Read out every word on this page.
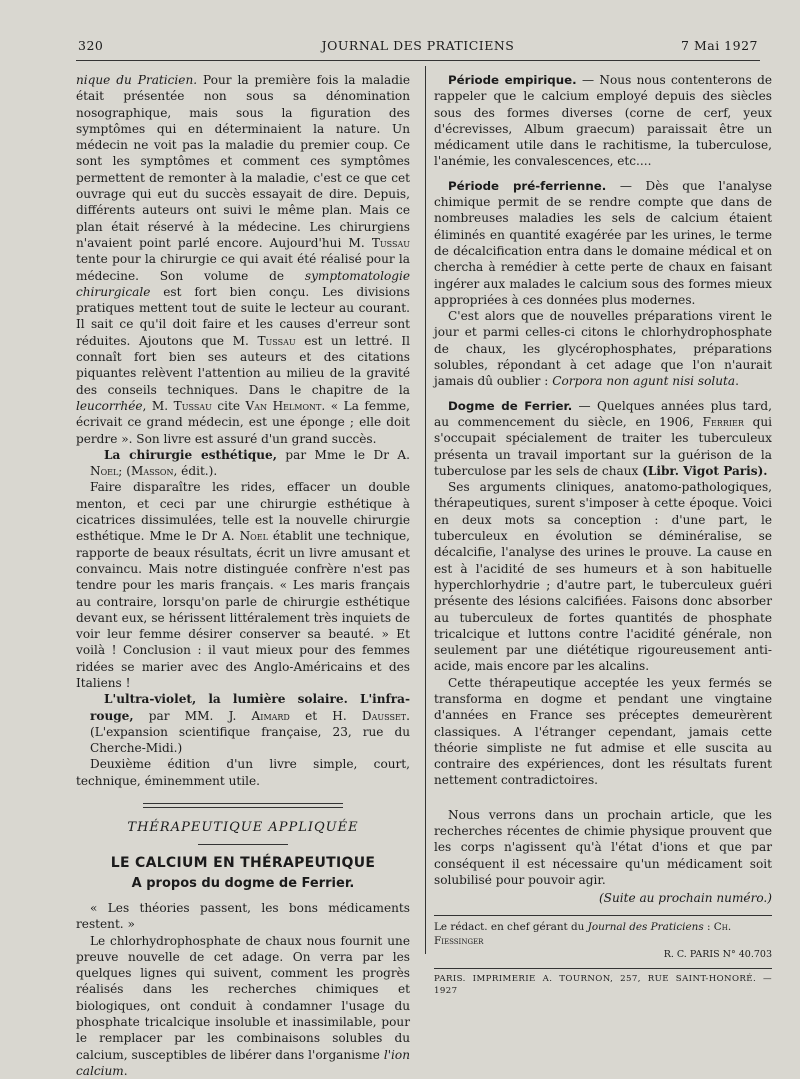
320	JOURNAL DES PRATICIENS	7 Mai 1927

nique du Praticien. Pour la première fois la maladie était présentée non sous sa dénomination nosographique, mais sous la figuration des symptômes qui en déterminaient la nature. Un médecin ne voit pas la maladie du premier coup. Ce sont les symptômes et comment ces symptômes permettent de remonter à la maladie, c'est ce que cet ouvrage qui eut du succès essayait de dire. Depuis, différents auteurs ont suivi le même plan. Mais ce plan était réservé à la médecine. Les chirurgiens n'avaient point parlé encore. Aujourd'hui M. Tussau tente pour la chirurgie ce qui avait été réalisé pour la médecine. Son volume de symptomatologie chirurgicale est fort bien conçu. Les divisions pratiques mettent tout de suite le lecteur au courant. Il sait ce qu'il doit faire et les causes d'erreur sont réduites. Ajoutons que M. Tussau est un lettré. Il connaît fort bien ses auteurs et des citations piquantes relèvent l'attention au milieu de la gravité des conseils techniques. Dans le chapitre de la leucorrhée, M. Tussau cite Van Helmont. « La femme, écrivait ce grand médecin, est une éponge ; elle doit perdre ». Son livre est assuré d'un grand succès.

La chirurgie esthétique, par Mme le Dr A. Noel; (Masson, édit.).

Faire disparaître les rides, effacer un double menton, et ceci par une chirurgie esthétique à cicatrices dissimulées, telle est la nouvelle chirurgie esthétique. Mme le Dr A. Noel établit une technique, rapporte de beaux résultats, écrit un livre amusant et convaincu. Mais notre distinguée confrère n'est pas tendre pour les maris français. « Les maris français au contraire, lorsqu'on parle de chirurgie esthétique devant eux, se hérissent littéralement très inquiets de voir leur femme désirer conserver sa beauté. » Et voilà ! Conclusion : il vaut mieux pour des femmes ridées se marier avec des Anglo-Américains et des Italiens !

L'ultra-violet, la lumière solaire. L'infra-rouge, par MM. J. Aimard et H. Dausset. (L'expansion scientifique française, 23, rue du Cherche-Midi.)

Deuxième édition d'un livre simple, court, technique, éminemment utile.

THÉRAPEUTIQUE APPLIQUÉE
LE CALCIUM EN THÉRAPEUTIQUE
A propos du dogme de Ferrier.

« Les théories passent, les bons médicaments restent. »

Le chlorhydrophosphate de chaux nous fournit une preuve nouvelle de cet adage. On verra par les quelques lignes qui suivent, comment les progrès réalisés dans les recherches chimiques et biologiques, ont conduit à condamner l'usage du phosphate tricalcique insoluble et inassimilable, pour le remplacer par les combinaisons solubles du calcium, susceptibles de libérer dans l'organisme l'ion calcium.

Période empirique. — Nous nous contenterons de rappeler que le calcium employé depuis des siècles sous des formes diverses (corne de cerf, yeux d'écrevisses, Album graecum) paraissait être un médicament utile dans le rachitisme, la tuberculose, l'anémie, les convalescences, etc....

Période pré-ferrienne. — Dès que l'analyse chimique permit de se rendre compte que dans de nombreuses maladies les sels de calcium étaient éliminés en quantité exagérée par les urines, le terme de décalcification entra dans le domaine médical et on chercha à remédier à cette perte de chaux en faisant ingérer aux malades le calcium sous des formes mieux appropriées à ces données plus modernes.

C'est alors que de nouvelles préparations virent le jour et parmi celles-ci citons le chlorhydrophosphate de chaux, les glycérophosphates, préparations solubles, répondant à cet adage que l'on n'aurait jamais dû oublier : Corpora non agunt nisi soluta.

Dogme de Ferrier. — Quelques années plus tard, au commencement du siècle, en 1906, Ferrier qui s'occupait spécialement de traiter les tuberculeux présenta un travail important sur la guérison de la tuberculose par les sels de chaux (Libr. Vigot Paris).

Ses arguments cliniques, anatomo-pathologiques, thérapeutiques, surent s'imposer à cette époque. Voici en deux mots sa conception : d'une part, le tuberculeux en évolution se déminéralise, se décalcifie, l'analyse des urines le prouve. La cause en est à l'acidité de ses humeurs et à son habituelle hyperchlorhydrie ; d'autre part, le tuberculeux guéri présente des lésions calcifiées. Faisons donc absorber au tuberculeux de fortes quantités de phosphate tricalcique et luttons contre l'acidité générale, non seulement par une diététique rigoureusement anti-acide, mais encore par les alcalins.

Cette thérapeutique acceptée les yeux fermés se transforma en dogme et pendant une vingtaine d'années en France ses préceptes demeurèrent classiques. A l'étranger cependant, jamais cette théorie simpliste ne fut admise et elle suscita au contraire des expériences, dont les résultats furent nettement contradictoires.

Nous verrons dans un prochain article, que les recherches récentes de chimie physique prouvent que les corps n'agissent qu'à l'état d'ions et que par conséquent il est nécessaire qu'un médicament soit solubilisé pour pouvoir agir.

(Suite au prochain numéro.)
Le rédact. en chef gérant du Journal des Praticiens : Ch. Fiessinger
R. C. PARIS N° 40.703
PARIS. IMPRIMERIE A. TOURNON, 257, RUE SAINT-HONORÉ. — 1927
